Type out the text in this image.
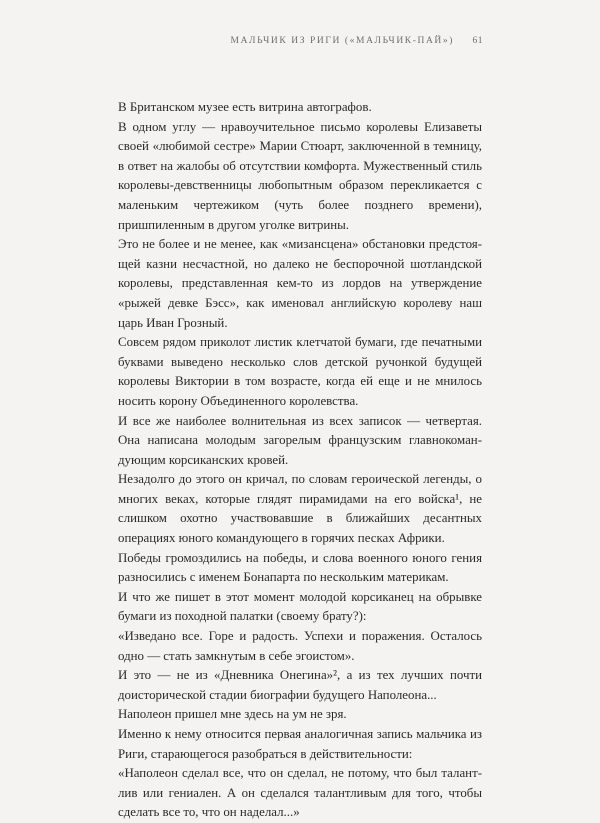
МАЛЬЧИК ИЗ РИГИ («МАЛЬЧИК-ПАЙ») 61

В Британском музее есть витрина автографов.

В одном углу — нравоучительное письмо королевы Елизаветы своей «любимой сестре» Марии Стюарт, заключенной в темницу, в ответ на жалобы об отсутствии комфорта. Мужественный стиль королевы-девственницы любопытным образом перекликается с маленьким чертежиком (чуть более позднего времени), пришпиленным в другом уголке витрины.

Это не более и не менее, как «мизансцена» обстановки предстоящей казни несчастной, но далеко не беспорочной шотландской королевы, представленная кем-то из лордов на утверждение «рыжей девке Бэсс», как именовал английскую королеву наш царь Иван Грозный.

Совсем рядом приколот листик клетчатой бумаги, где печатными буквами выведено несколько слов детской ручонкой будущей королевы Виктории в том возрасте, когда ей еще и не мнилось носить корону Объединенного королевства.

И все же наиболее волнительная из всех записок — четвертая. Она написана молодым загорелым французским главнокомандующим корсиканских кровей.

Незадолго до этого он кричал, по словам героической легенды, о многих веках, которые глядят пирамидами на его войска¹, не слишком охотно участвовавшие в ближайших десантных операциях юного командующего в горячих песках Африки.

Победы громоздились на победы, и слова военного юного гения разносились с именем Бонапарта по нескольким материкам.

И что же пишет в этот момент молодой корсиканец на обрывке бумаги из походной палатки (своему брату?):

«Изведано все. Горе и радость. Успехи и поражения. Осталось одно — стать замкнутым в себе эгоистом».

И это — не из «Дневника Онегина»², а из тех лучших почти доисторической стадии биографии будущего Наполеона...

Наполеон пришел мне здесь на ум не зря.

Именно к нему относится первая аналогичная запись мальчика из Риги, старающегося разобраться в действительности:

«Наполеон сделал все, что он сделал, не потому, что был талантлив или гениален. А он сделался талантливым для того, чтобы сделать все то, что он наделал...»
